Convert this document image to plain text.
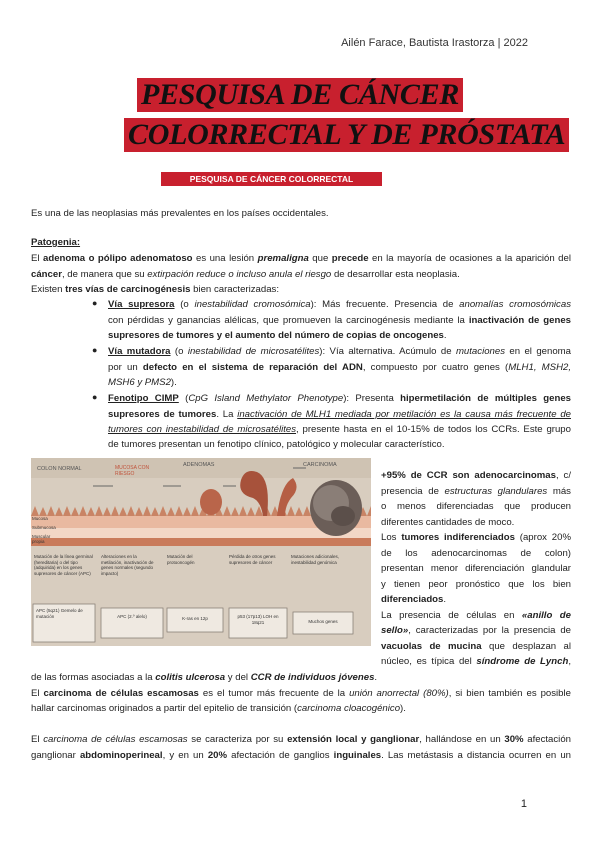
Ailén Farace, Bautista Irastorza | 2022
PESQUISA DE CÁNCER
COLORRECTAL Y DE PRÓSTATA
PESQUISA DE CÁNCER COLORRECTAL
Es una de las neoplasias más prevalentes en los países occidentales.
Patogenia:
El adenoma o pólipo adenomatoso es una lesión premaligna que precede en la mayoría de ocasiones a la aparición del
cáncer, de manera que su extirpación reduce o incluso anula el riesgo de desarrollar esta neoplasia.
Existen tres vías de carcinogénesis bien caracterizadas:
● Vía supresora (o inestabilidad cromosómica): Más frecuente. Presencia de anomalías cromosómicas
con pérdidas y ganancias alélicas, que promueven la carcinogénesis mediante la inactivación de genes
supresores de tumores y el aumento del número de copias de oncogenes.
● Vía mutadora (o inestabilidad de microsatélites): Vía alternativa. Acúmulo de mutaciones en el genoma
por un defecto en el sistema de reparación del ADN, compuesto por cuatro genes (MLH1, MSH2,
MSH6 y PMS2).
● Fenotipo CIMP (CpG Island Methylator Phenotype): Presenta hipermetilación de múltiples genes
supresores de tumores. La inactivación de MLH1 mediada por metilación es la causa más frecuente de
tumores con inestabilidad de microsatélites, presente hasta en el 10-15% de todos los CCRs. Este grupo
de tumores presentan un fenotipo clínico, patológico y molecular característico.
COLON NORMAL	MUCOSA CON RIESGO
ADENOMAS	CARCINOMA
Mucosa
Submucosa
Muscular propia
Mutación de la línea germinal (hereditaria) o del tipo (adquirida) en los genes supresores de cáncer (APC)
Alteraciones en la metilación, inactivación de genes normales (segundo impacto)
Mutación del protooncogén
Pérdida de otros genes supresores de cáncer
Mutaciones adicionales, inestabilidad genómica
APC (5q21) Gemelo de mutación	APC (2.º alelo)	K-ras en 12p	p53 (17p13) LOH en 18q21	Muchos genes
+95% de CCR son adenocarcinomas, c/
presencia de estructuras glandulares más
o menos diferenciadas que producen
diferentes cantidades de moco.
Los tumores indiferenciados (aprox 20%
de los adenocarcinomas de colon)
presentan menor diferenciación glandular
y tienen peor pronóstico que los bien
diferenciados.
La presencia de células en «anillo de
sello», caracterizadas por la presencia de
vacuolas de mucina que desplazan al
núcleo, es típica del síndrome de Lynch,
de las formas asociadas a la colitis ulcerosa y del CCR de individuos jóvenes.
El carcinoma de células escamosas es el tumor más frecuente de la unión anorrectal (80%), si bien también es posible
hallar carcinomas originados a partir del epitelio de transición (carcinoma cloacogénico).
El carcinoma de células escamosas se caracteriza por su extensión local y ganglionar, hallándose en un 30% afectación
ganglionar abdominoperineal, y en un 20% afectación de ganglios inguinales. Las metástasis a distancia ocurren en un
1
